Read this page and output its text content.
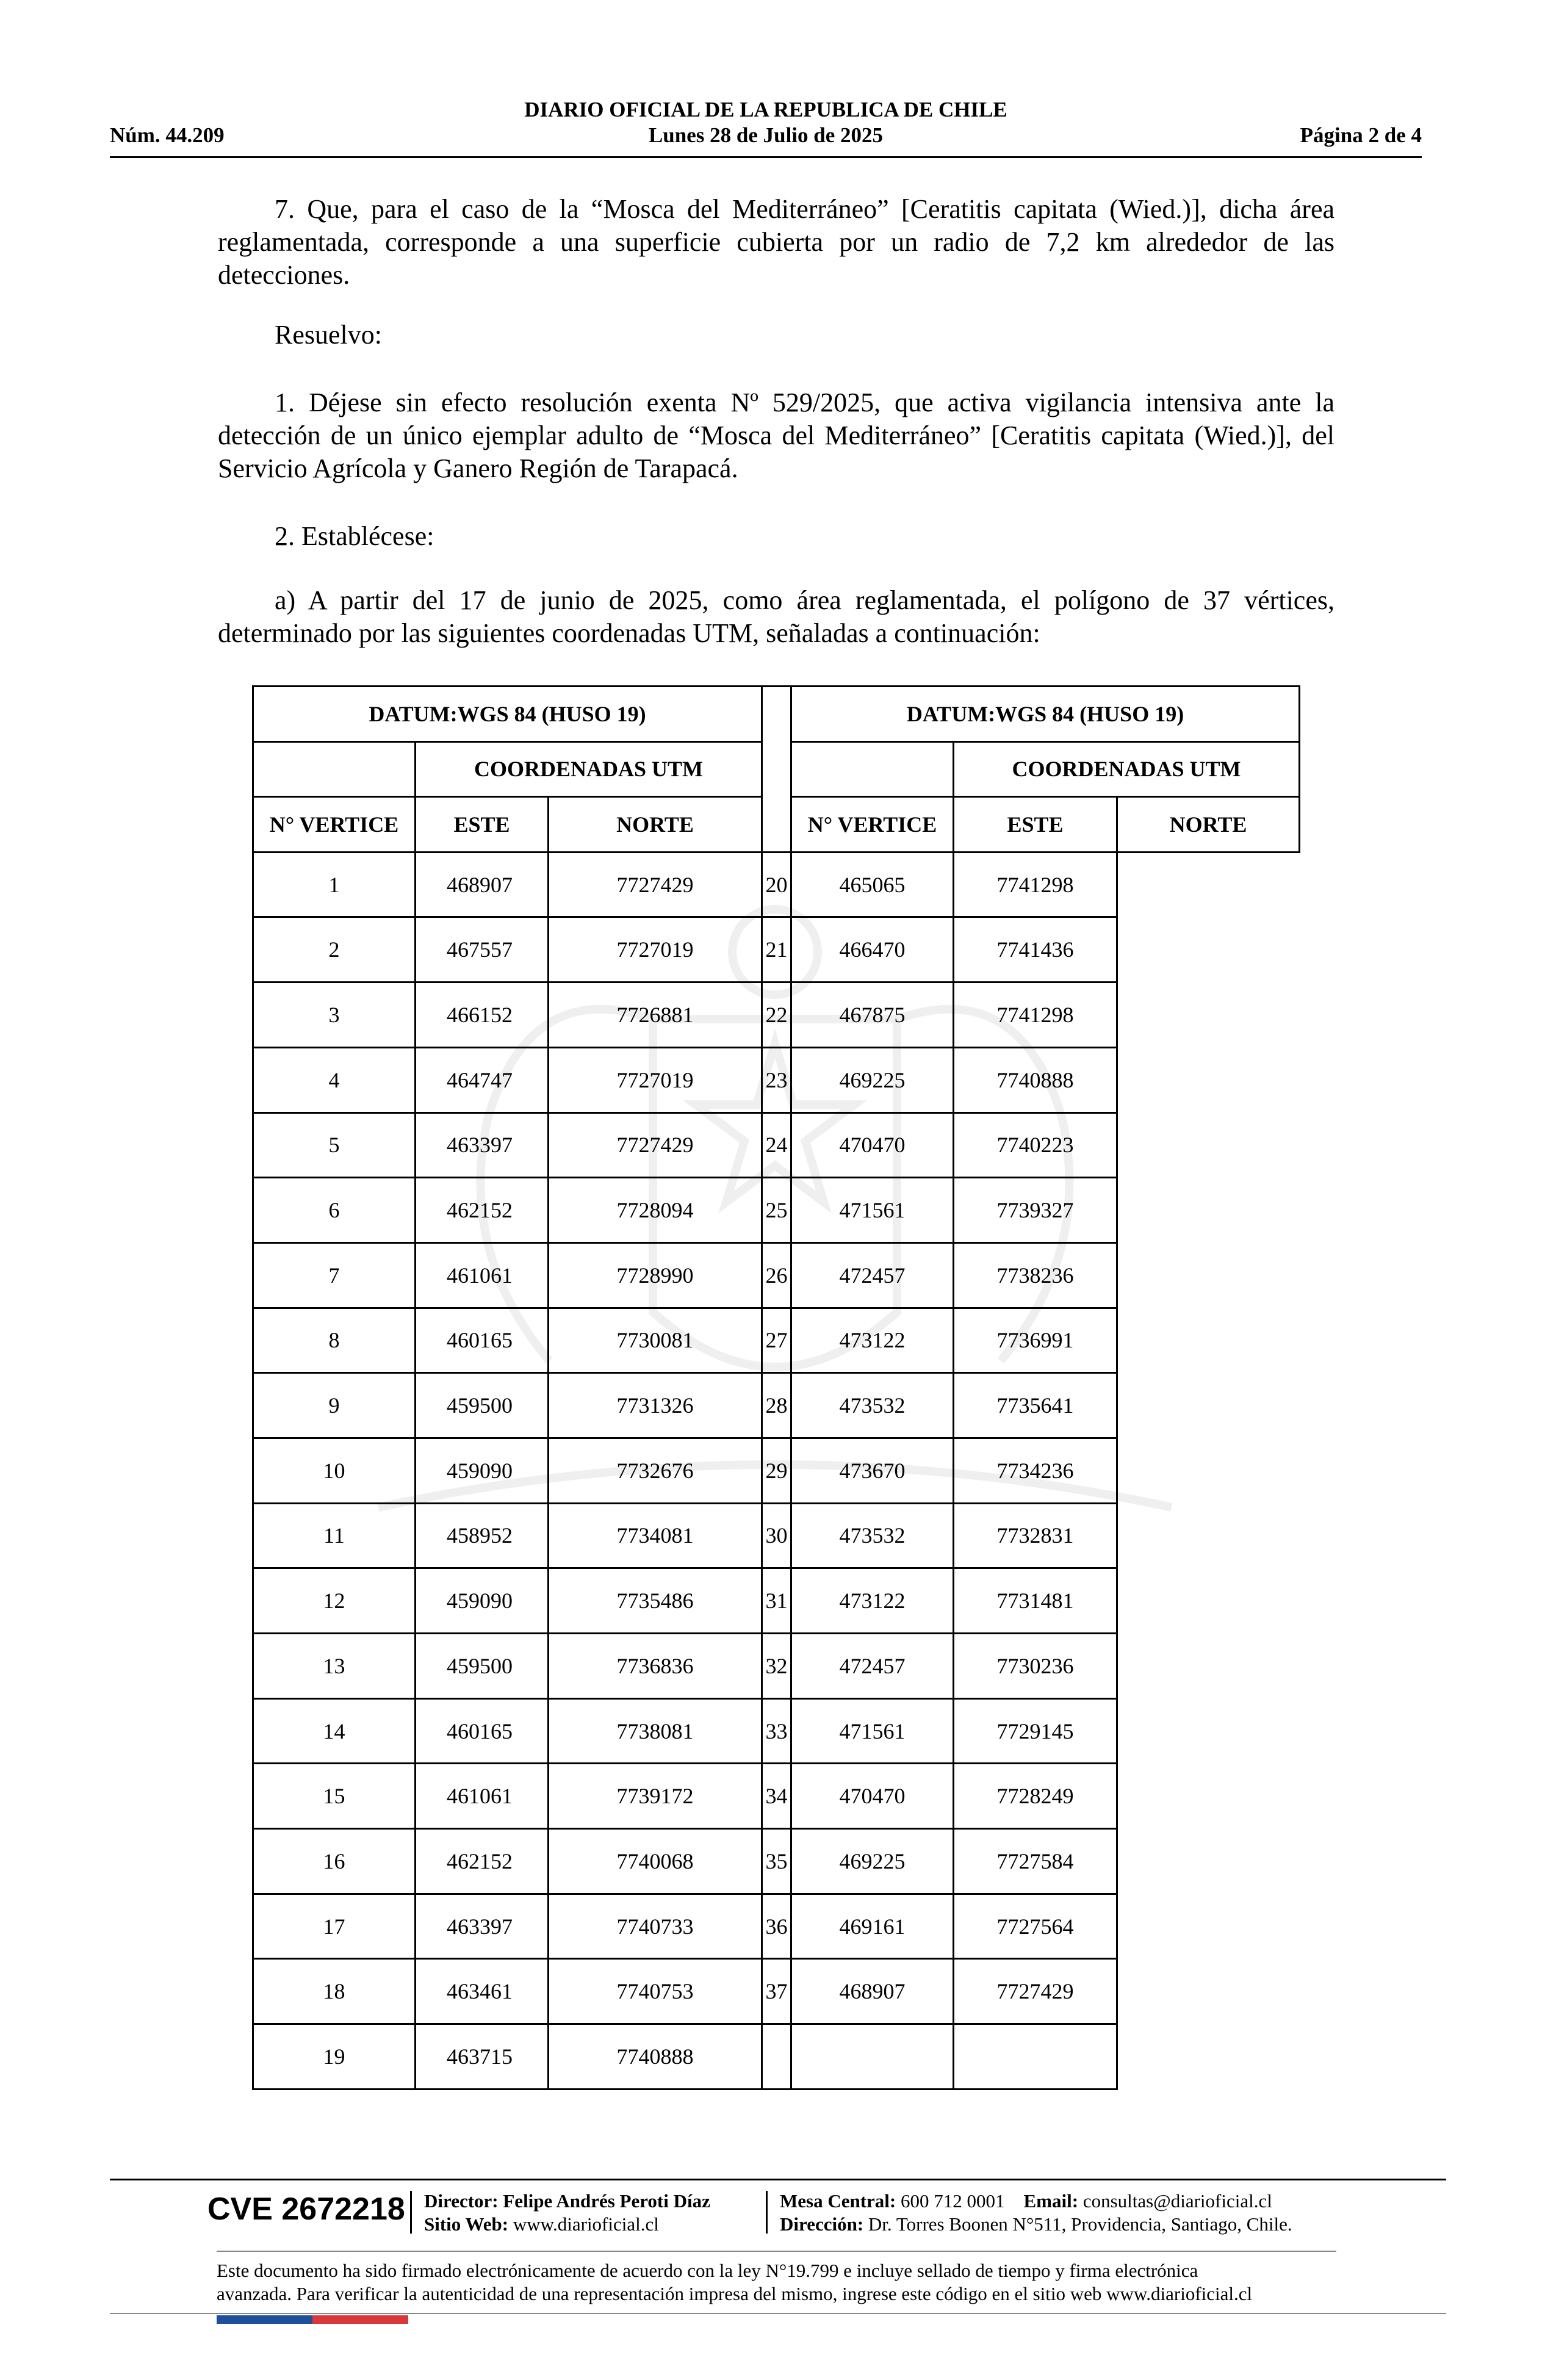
DIARIO OFICIAL DE LA REPUBLICA DE CHILE
Núm. 44.209	Lunes 28 de Julio de 2025	Página 2 de 4

7. Que, para el caso de la “Mosca del Mediterráneo” [Ceratitis capitata (Wied.)], dicha área reglamentada, corresponde a una superficie cubierta por un radio de 7,2 km alrededor de las detecciones.

Resuelvo:

1. Déjese sin efecto resolución exenta Nº 529/2025, que activa vigilancia intensiva ante la detección de un único ejemplar adulto de “Mosca del Mediterráneo” [Ceratitis capitata (Wied.)], del Servicio Agrícola y Ganero Región de Tarapacá.

2. Establécese:

a) A partir del 17 de junio de 2025, como área reglamentada, el polígono de 37 vértices, determinado por las siguientes coordenadas UTM, señaladas a continuación:

DATUM:WGS 84 (HUSO 19)				DATUM:WGS 84 (HUSO 19)		
	COORDENADAS UTM				COORDENADAS UTM	
N° VERTICE	ESTE	NORTE		N° VERTICE	ESTE	NORTE
1	468907	7727429	20	465065	7741298	
2	467557	7727019	21	466470	7741436	
3	466152	7726881	22	467875	7741298	
4	464747	7727019	23	469225	7740888	
5	463397	7727429	24	470470	7740223	
6	462152	7728094	25	471561	7739327	
7	461061	7728990	26	472457	7738236	
8	460165	7730081	27	473122	7736991	
9	459500	7731326	28	473532	7735641	
10	459090	7732676	29	473670	7734236	
11	458952	7734081	30	473532	7732831	
12	459090	7735486	31	473122	7731481	
13	459500	7736836	32	472457	7730236	
14	460165	7738081	33	471561	7729145	
15	461061	7739172	34	470470	7728249	
16	462152	7740068	35	469225	7727584	
17	463397	7740733	36	469161	7727564	
18	463461	7740753	37	468907	7727429	
19	463715	7740888				
CVE 2672218 Director: Felipe Andrés Peroti Díaz
Sitio Web: www.diarioficial.cl
Mesa Central: 600 712 0001 Email: consultas@diarioficial.cl
Dirección: Dr. Torres Boonen N°511, Providencia, Santiago, Chile.
Este documento ha sido firmado electrónicamente de acuerdo con la ley N°19.799 e incluye sellado de tiempo y firma electrónica
avanzada. Para verificar la autenticidad de una representación impresa del mismo, ingrese este código en el sitio web www.diarioficial.cl
